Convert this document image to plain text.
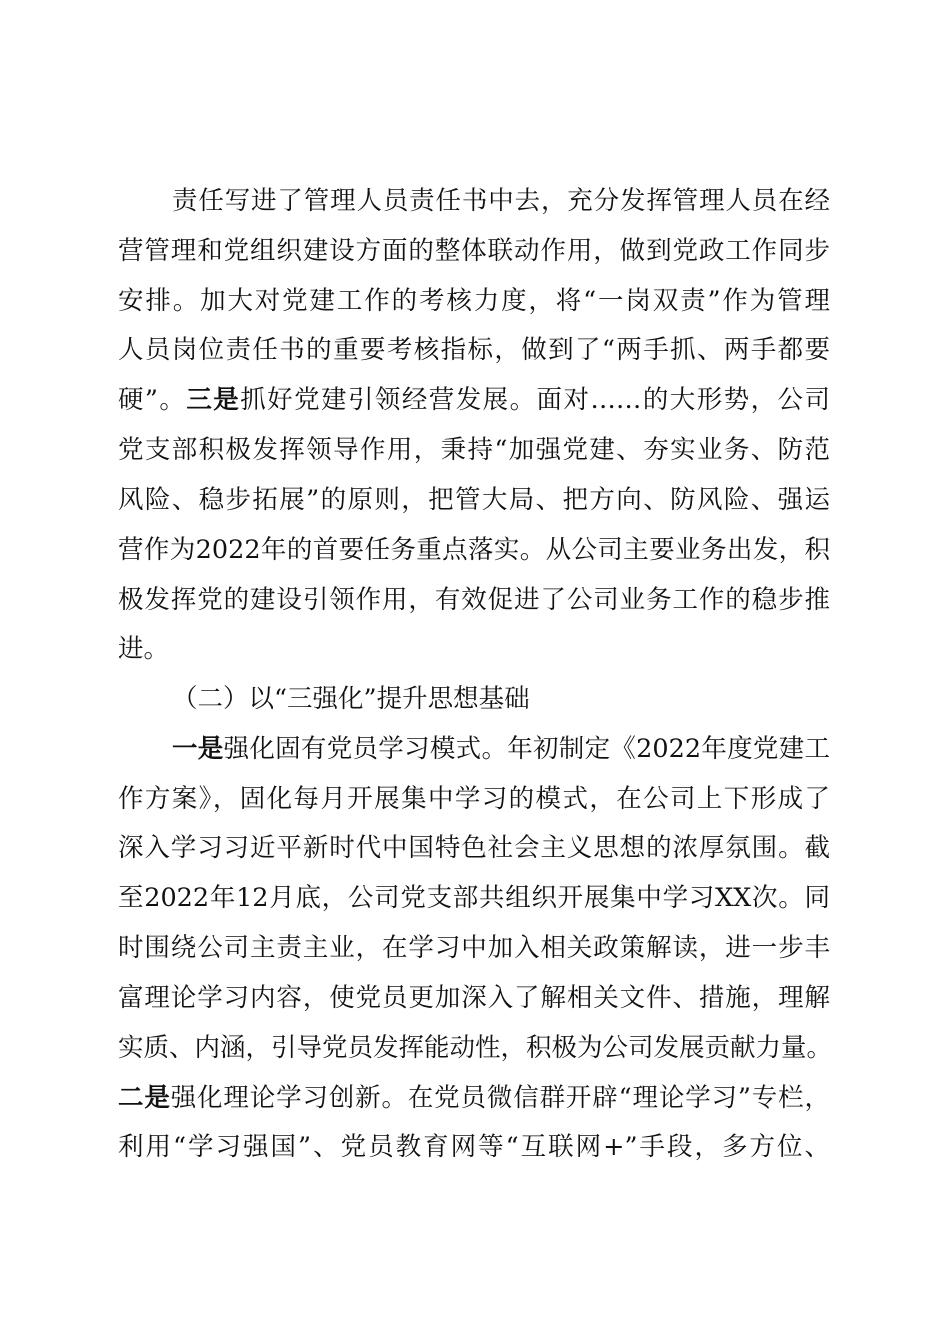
责任写进了管理人员责任书中去，充分发挥管理人员在经
营管理和党组织建设方面的整体联动作用，做到党政工作同步
安排。加大对党建工作的考核力度，将“一岗双责”作为管理
人员岗位责任书的重要考核指标，做到了“两手抓、两手都要
硬”。三是抓好党建引领经营发展。面对……的大形势，公司
党支部积极发挥领导作用，秉持“加强党建、夯实业务、防范
风险、稳步拓展”的原则，把管大局、把方向、防风险、强运
营作为2022年的首要任务重点落实。从公司主要业务出发，积
极发挥党的建设引领作用，有效促进了公司业务工作的稳步推
进。
（二）以“三强化”提升思想基础
一是强化固有党员学习模式。年初制定《2022年度党建工
作方案》，固化每月开展集中学习的模式，在公司上下形成了
深入学习习近平新时代中国特色社会主义思想的浓厚氛围。截
至2022年12月底，公司党支部共组织开展集中学习XX次。同
时围绕公司主责主业，在学习中加入相关政策解读，进一步丰
富理论学习内容，使党员更加深入了解相关文件、措施，理解
实质、内涵，引导党员发挥能动性，积极为公司发展贡献力量。
二是强化理论学习创新。在党员微信群开辟“理论学习”专栏，
利用“学习强国”、党员教育网等“互联网+”手段，多方位、
